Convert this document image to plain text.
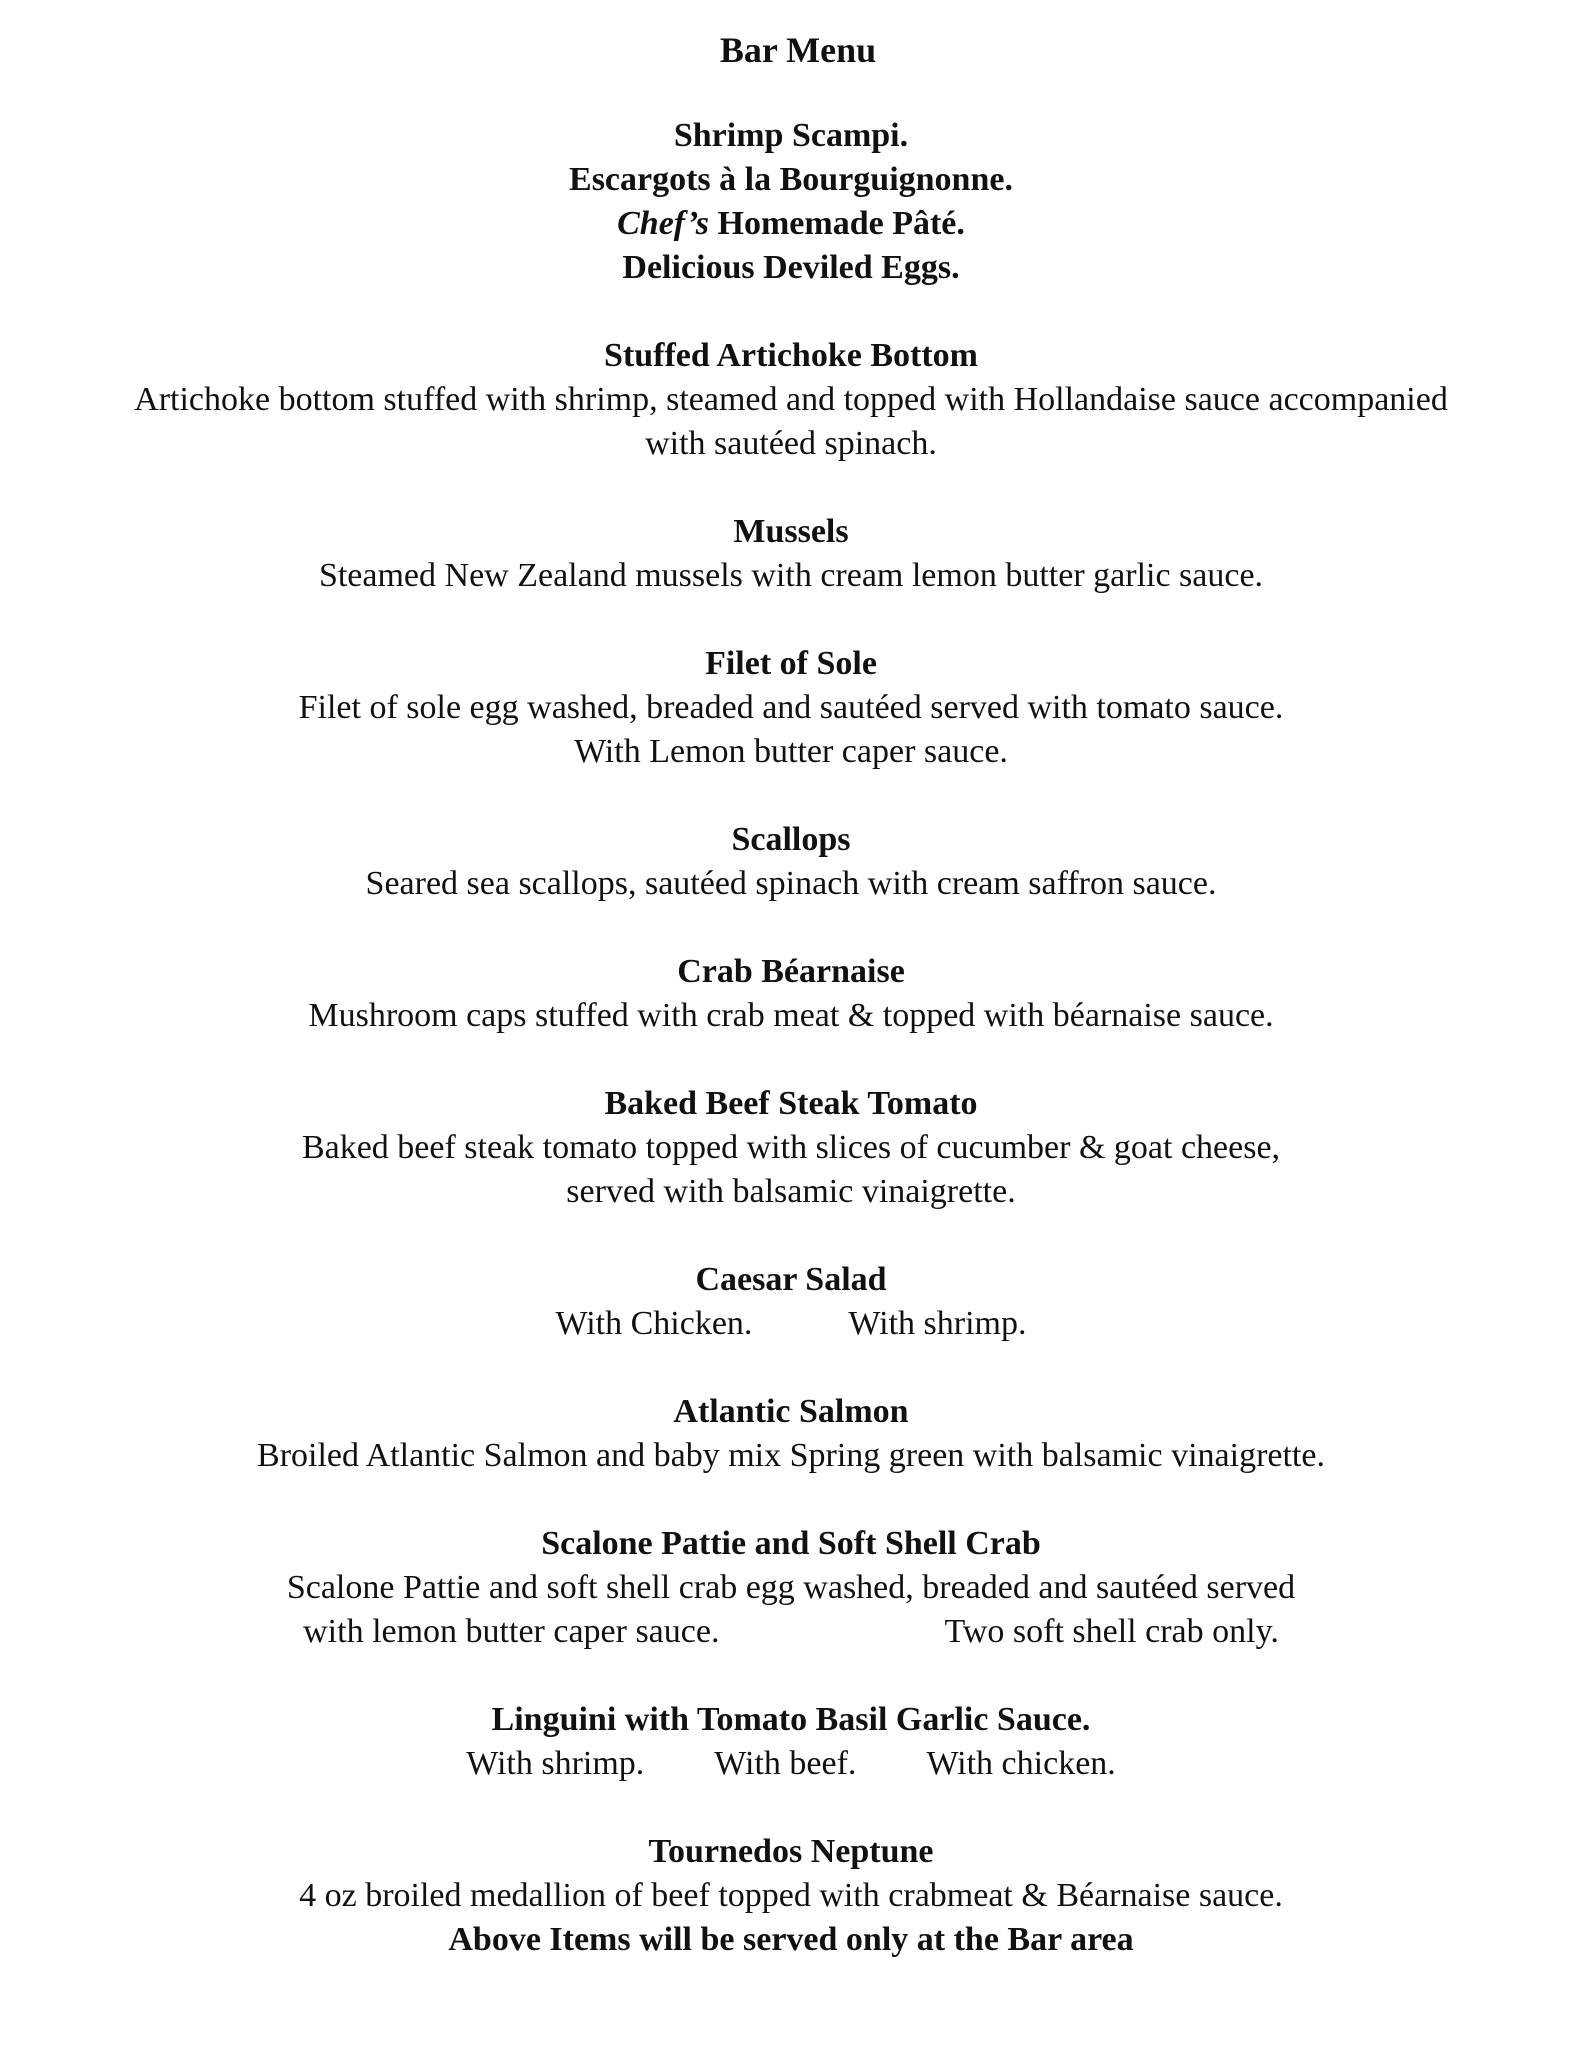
Bar Menu
Shrimp Scampi.
Escargots à la Bourguignonne.
Chef’s Homemade Pâté.
Delicious Deviled Eggs.
Stuffed Artichoke Bottom
Artichoke bottom stuffed with shrimp, steamed and topped with Hollandaise sauce accompanied
with sautéed spinach.
Mussels
Steamed New Zealand mussels with cream lemon butter garlic sauce.
Filet of Sole
Filet of sole egg washed, breaded and sautéed served with tomato sauce.
With Lemon butter caper sauce.
Scallops
Seared sea scallops, sautéed spinach with cream saffron sauce.
Crab Béarnaise
Mushroom caps stuffed with crab meat & topped with béarnaise sauce.
Baked Beef Steak Tomato
Baked beef steak tomato topped with slices of cucumber & goat cheese,
served with balsamic vinaigrette.
Caesar Salad
With Chicken.	With shrimp.
Atlantic Salmon
Broiled Atlantic Salmon and baby mix Spring green with balsamic vinaigrette.
Scalone Pattie and Soft Shell Crab
Scalone Pattie and soft shell crab egg washed, breaded and sautéed served
with lemon butter caper sauce.	Two soft shell crab only.
Linguini with Tomato Basil Garlic Sauce.
With shrimp. With beef. With chicken.
Tournedos Neptune
4 oz broiled medallion of beef topped with crabmeat & Béarnaise sauce.
Above Items will be served only at the Bar area
